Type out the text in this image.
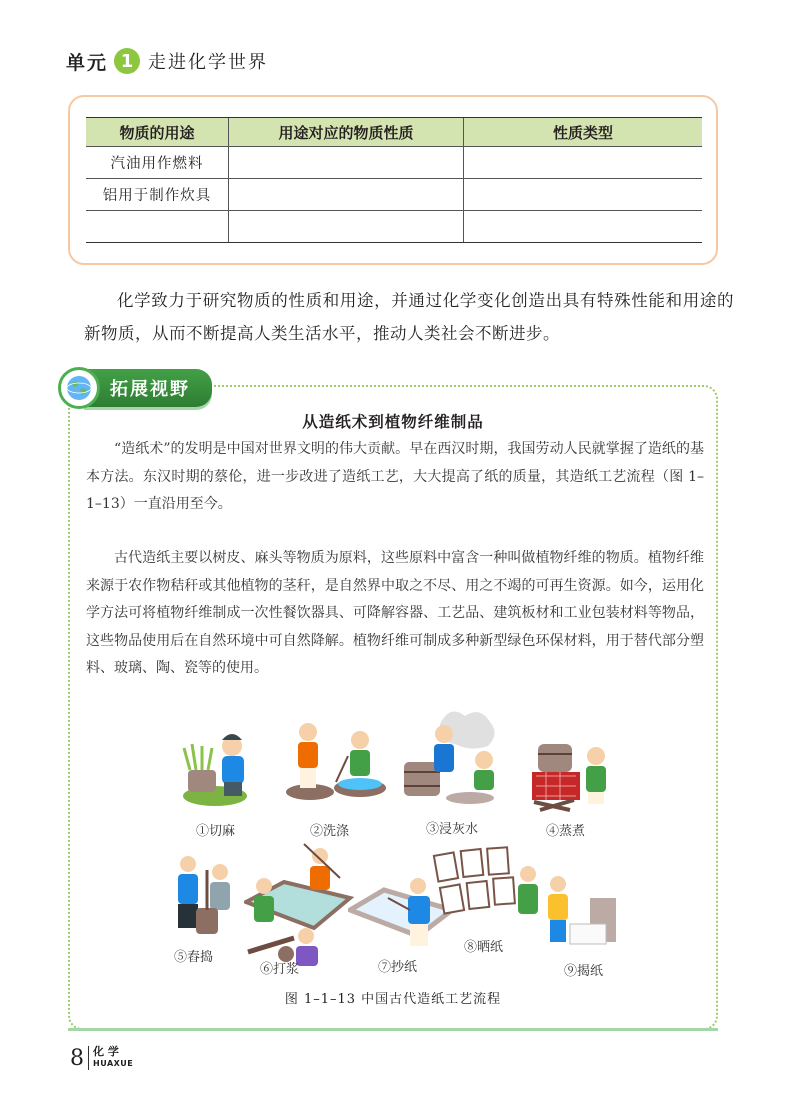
单元 1 走进化学世界
物质的用途	用途对应的物质性质	性质类型
汽油用作燃料		
铝用于制作炊具		

化学致力于研究物质的性质和用途，并通过化学变化创造出具有特殊性能和用途的新物质，从而不断提高人类生活水平，推动人类社会不断进步。
拓展视野
从造纸术到植物纤维制品
“造纸术”的发明是中国对世界文明的伟大贡献。早在西汉时期，我国劳动人民就掌握了造纸的基本方法。东汉时期的蔡伦，进一步改进了造纸工艺，大大提高了纸的质量，其造纸工艺流程（图 1–1–13）一直沿用至今。
古代造纸主要以树皮、麻头等物质为原料，这些原料中富含一种叫做植物纤维的物质。植物纤维来源于农作物秸秆或其他植物的茎秆，是自然界中取之不尽、用之不竭的可再生资源。如今，运用化学方法可将植物纤维制成一次性餐饮器具、可降解容器、工艺品、建筑板材和工业包装材料等物品，这些物品使用后在自然环境中可自然降解。植物纤维可制成多种新型绿色环保材料，用于替代部分塑料、玻璃、陶、瓷等的使用。
①切麻	②洗涤	③浸灰水	④蒸煮
⑤舂捣
⑥打浆	⑦抄纸
⑧晒纸
⑨揭纸
图 1–1–13 中国古代造纸工艺流程
8 化 学
HUAXUE
